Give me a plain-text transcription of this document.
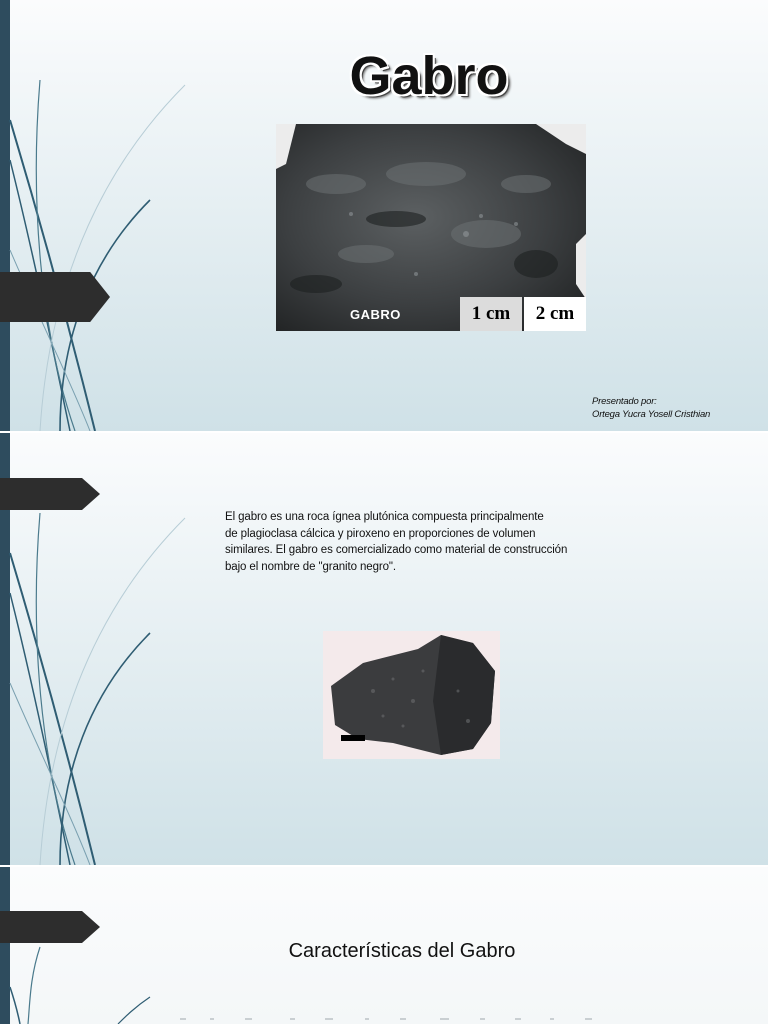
Gabro
GABRO	1 cm	2 cm
Presentado por:
Ortega Yucra Yosell Cristhian
El gabro es una roca ígnea plutónica compuesta principalmente
de plagioclasa cálcica y piroxeno en proporciones de volumen
similares. El gabro es comercializado como material de construcción
bajo el nombre de "granito negro".
Características del Gabro
